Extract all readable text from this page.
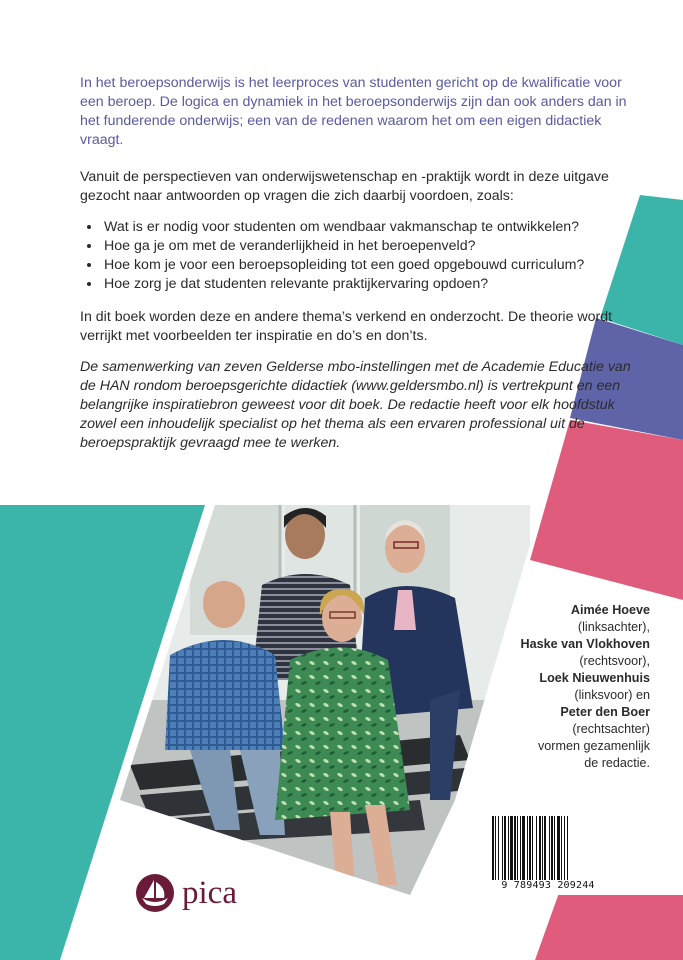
In het beroepsonderwijs is het leerproces van studenten gericht op de kwalificatie voor een beroep. De logica en dynamiek in het beroepsonderwijs zijn dan ook anders dan in het funderende onderwijs; een van de redenen waarom het om een eigen didactiek vraagt.

Vanuit de perspectieven van onderwijswetenschap en -praktijk wordt in deze uitgave gezocht naar antwoorden op vragen die zich daarbij voordoen, zoals:

• Wat is er nodig voor studenten om wendbaar vakmanschap te ontwikkelen?
• Hoe ga je om met de veranderlijkheid in het beroepenveld?
• Hoe kom je voor een beroepsopleiding tot een goed opgebouwd curriculum?
• Hoe zorg je dat studenten relevante praktijkervaring opdoen?

In dit boek worden deze en andere thema’s verkend en onderzocht. De theorie wordt verrijkt met voorbeelden ter inspiratie en do’s en don’ts.

De samenwerking van zeven Gelderse mbo-instellingen met de Academie Educatie van de HAN rondom beroepsgerichte didactiek (www.geldersmbo.nl) is vertrekpunt en een belangrijke inspiratiebron geweest voor dit boek. De redactie heeft voor elk hoofdstuk zowel een inhoudelijk specialist op het thema als een ervaren professional uit de beroepspraktijk gevraagd mee te werken.

Aimée Hoeve
(linksachter),
Haske van Vlokhoven
(rechtsvoor),
Loek Nieuwenhuis
(linksvoor) en
Peter den Boer
(rechtsachter)
vormen gezamenlijk
de redactie.
9 789493 209244
pica
